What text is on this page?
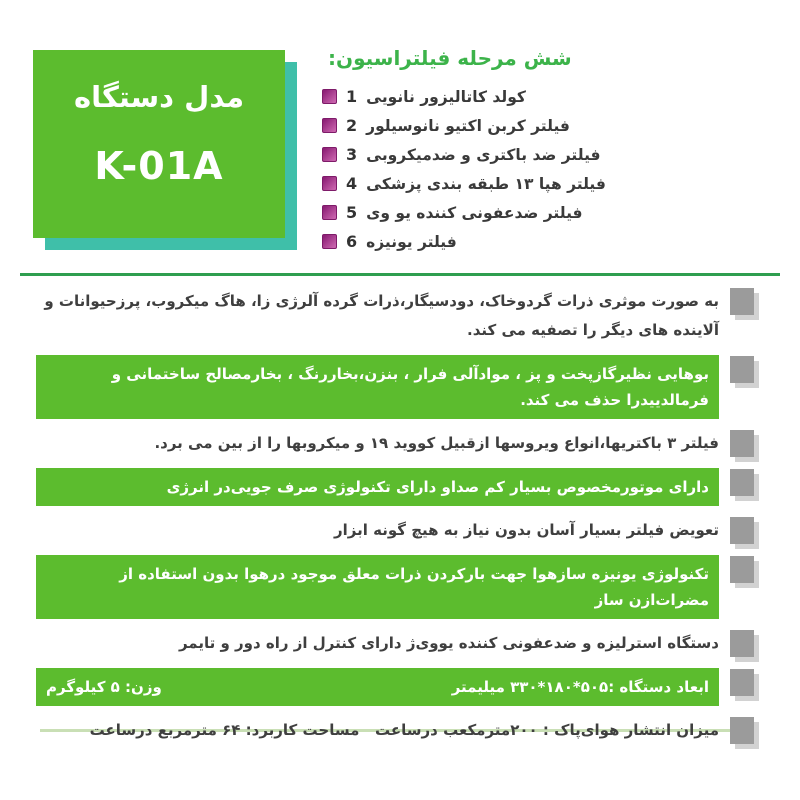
مدل دستگاه
K-01A
شش مرحله فیلتراسیون:
1 کولد کاتالیزور نانویی
2 فیلتر کربن اکتیو نانوسیلور
3 فیلتر ضد باکتری و ضدمیکروبی
4 فیلتر هپا ۱۳ طبقه بندی پزشکی
5 فیلتر ضدعفونی کننده یو وی
6 فیلتر یونیزه
به صورت موثری ذرات گردوخاک، دودسیگار،ذرات گرده آلرژی زا، هاگ میکروب، پرزحیوانات و آلاینده های دیگر را تصفیه می کند.
بوهایی نظیرگازپخت و پز ، موادآلی فرار ، بنزن،بخاررنگ ، بخارمصالح ساختمانی و فرمالدییدرا حذف می کند.
فیلتر ۳ باکتریها،انواع ویروسها ازقبیل کووید ۱۹ و میکروبها را از بین می برد.
دارای موتورمخصوص بسیار کم صداو دارای تکنولوژی صرف جویی‌در انرژی
تعویض فیلتر بسیار آسان بدون نیاز به هیچ گونه ابزار
تکنولوژی یونیزه سازهوا جهت بارکردن ذرات معلق موجود درهوا بدون استفاده از مضرات‌ازن ساز
دستگاه استرلیزه و ضدعفونی کننده یووی‌ژ دارای کنترل از راه دور و تایمر
ابعاد دستگاه :۵۰۵*۱۸۰*۳۳۰ میلیمتر
وزن: ۵ کیلوگرم
میزان انتشار هوای‌پاک : ۲۰۰مترمکعب درساعت   مساحت کاربرد: ۶۴ مترمربع درساعت
